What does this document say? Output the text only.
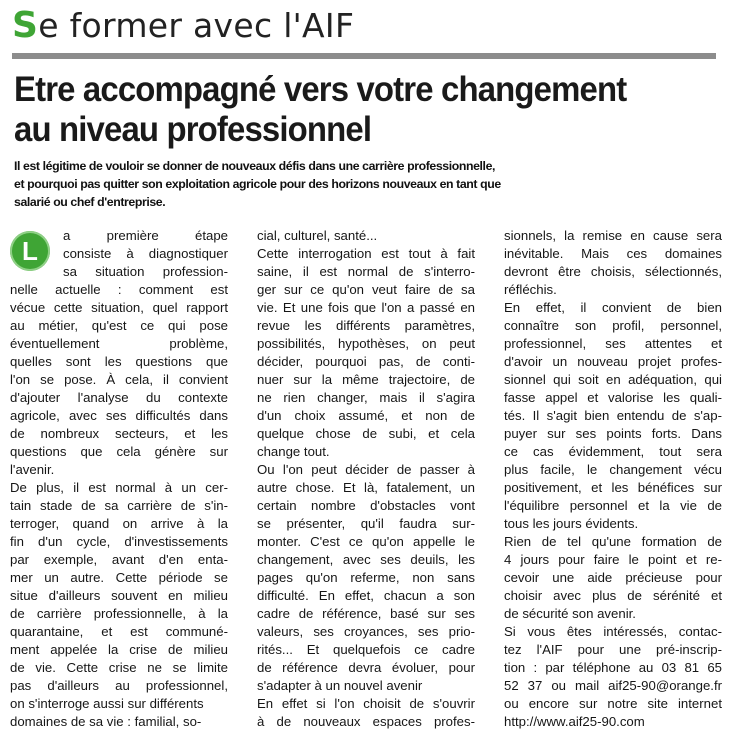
Se former avec l'AIF
Etre accompagné vers votre changement
au niveau professionnel
Il est légitime de vouloir se donner de nouveaux défis dans une carrière professionnelle,
et pourquoi pas quitter son exploitation agricole pour des horizons nouveaux en tant que
salarié ou chef d'entreprise.
L
a première étape
consiste à diagnostiquer
sa situation profession-
nelle actuelle : comment est
vécue cette situation, quel rapport
au métier, qu'est ce qui pose
éventuellement problème,
quelles sont les questions que
l'on se pose. À cela, il convient
d'ajouter l'analyse du contexte
agricole, avec ses difficultés dans
de nombreux secteurs, et les
questions que cela génère sur
l'avenir.
De plus, il est normal à un cer-
tain stade de sa carrière de s'in-
terroger, quand on arrive à la
fin d'un cycle, d'investissements
par exemple, avant d'en enta-
mer un autre. Cette période se
situe d'ailleurs souvent en milieu
de carrière professionnelle, à la
quarantaine, et est communé-
ment appelée la crise de milieu
de vie. Cette crise ne se limite
pas d'ailleurs au professionnel,
on s'interroge aussi sur différents
domaines de sa vie : familial, so-
cial, culturel, santé...
Cette interrogation est tout à fait
saine, il est normal de s'interro-
ger sur ce qu'on veut faire de sa
vie. Et une fois que l'on a passé en
revue les différents paramètres,
possibilités, hypothèses, on peut
décider, pourquoi pas, de conti-
nuer sur la même trajectoire, de
ne rien changer, mais il s'agira
d'un choix assumé, et non de
quelque chose de subi, et cela
change tout.
Ou l'on peut décider de passer à
autre chose. Et là, fatalement, un
certain nombre d'obstacles vont
se présenter, qu'il faudra sur-
monter. C'est ce qu'on appelle le
changement, avec ses deuils, les
pages qu'on referme, non sans
difficulté. En effet, chacun a son
cadre de référence, basé sur ses
valeurs, ses croyances, ses prio-
rités... Et quelquefois ce cadre
de référence devra évoluer, pour
s'adapter à un nouvel avenir
En effet si l'on choisit de s'ouvrir
à de nouveaux espaces profes-
sionnels, la remise en cause sera
inévitable. Mais ces domaines
devront être choisis, sélectionnés,
réfléchis.
En effet, il convient de bien
connaître son profil, personnel,
professionnel, ses attentes et
d'avoir un nouveau projet profes-
sionnel qui soit en adéquation, qui
fasse appel et valorise les quali-
tés. Il s'agit bien entendu de s'ap-
puyer sur ses points forts. Dans
ce cas évidemment, tout sera
plus facile, le changement vécu
positivement, et les bénéfices sur
l'équilibre personnel et la vie de
tous les jours évidents.
Rien de tel qu'une formation de
4 jours pour faire le point et re-
cevoir une aide précieuse pour
choisir avec plus de sérénité et
de sécurité son avenir.
Si vous êtes intéressés, contac-
tez l'AIF pour une pré-inscrip-
tion : par téléphone au 03 81 65
52 37 ou mail aif25-90@orange.fr
ou encore sur notre site internet
http://www.aif25-90.com
